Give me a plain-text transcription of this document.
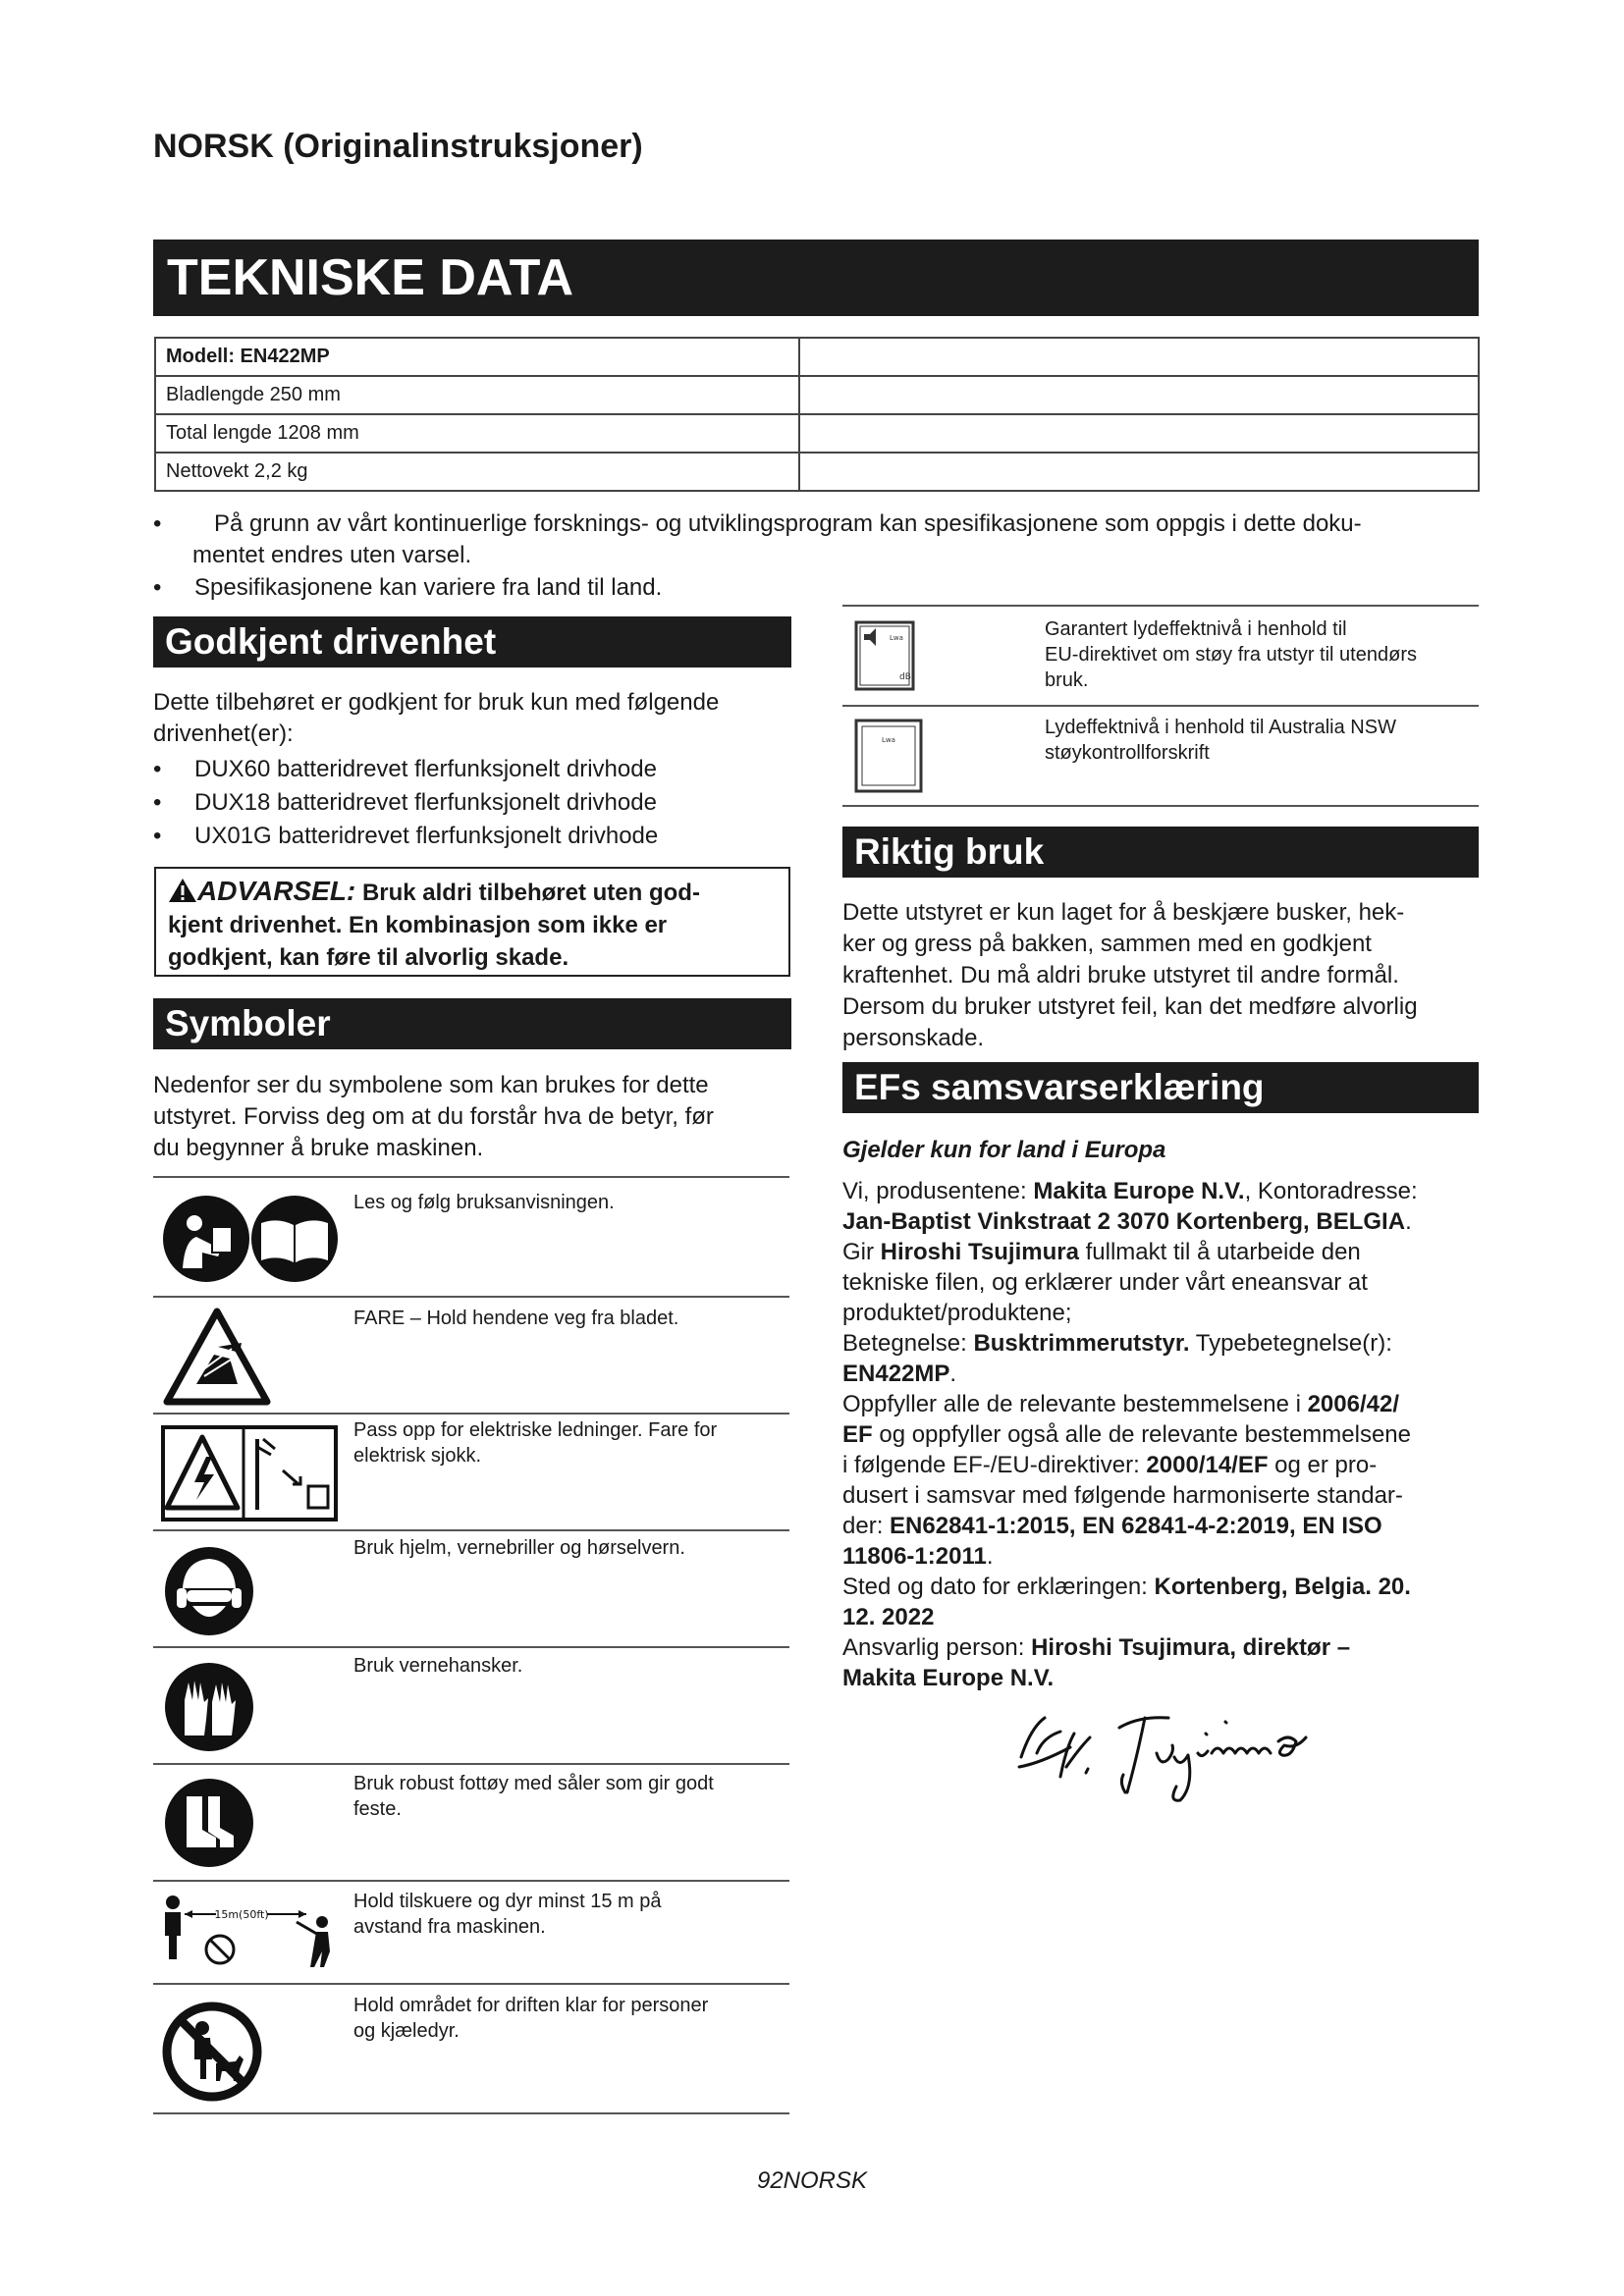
NORSK (Originalinstruksjoner)
TEKNISKE DATA
Modell: EN422MP	
Bladlengde 250 mm	
Total lengde 1208 mm	
Nettovekt 2,2 kg	
•	På grunn av vårt kontinuerlige forsknings- og utviklingsprogram kan spesifikasjonene som oppgis i dette doku-
mentet endres uten varsel.
•	Spesifikasjonene kan variere fra land til land.
Godkjent drivenhet
Dette tilbehøret er godkjent for bruk kun med følgende
drivenhet(er):
• DUX60 batteridrevet flerfunksjonelt drivhode
• DUX18 batteridrevet flerfunksjonelt drivhode
• UX01G batteridrevet flerfunksjonelt drivhode
ADVARSEL: Bruk aldri tilbehøret uten god-
kjent drivenhet. En kombinasjon som ikke er
godkjent, kan føre til alvorlig skade.
Symboler
Nedenfor ser du symbolene som kan brukes for dette
utstyret. Forviss deg om at du forstår hva de betyr, før
du begynner å bruke maskinen.
Les og følg bruksanvisningen.
FARE – Hold hendene veg fra bladet.
Pass opp for elektriske ledninger. Fare for
elektrisk sjokk.
Bruk hjelm, vernebriller og hørselvern.
Bruk vernehansker.
Bruk robust fottøy med såler som gir godt
feste.
15m(50ft)
Hold tilskuere og dyr minst 15 m på
avstand fra maskinen.
Hold området for driften klar for personer
og kjæledyr.
Lwa
dB
Garantert lydeffektnivå i henhold til
EU-direktivet om støy fra utstyr til utendørs
bruk.
Lwa
Lydeffektnivå i henhold til Australia NSW
støykontrollforskrift
Riktig bruk
Dette utstyret er kun laget for å beskjære busker, hek-
ker og gress på bakken, sammen med en godkjent
kraftenhet. Du må aldri bruke utstyret til andre formål.
Dersom du bruker utstyret feil, kan det medføre alvorlig
personskade.
EFs samsvarserklæring
Gjelder kun for land i Europa
Vi, produsentene: Makita Europe N.V., Kontoradresse:
Jan-Baptist Vinkstraat 2 3070 Kortenberg, BELGIA.
Gir Hiroshi Tsujimura fullmakt til å utarbeide den
tekniske filen, og erklærer under vårt eneansvar at
produktet/produktene;
Betegnelse: Busktrimmerutstyr. Typebetegnelse(r):
EN422MP.
Oppfyller alle de relevante bestemmelsene i 2006/42/
EF og oppfyller også alle de relevante bestemmelsene
i følgende EF-/EU-direktiver: 2000/14/EF og er pro-
dusert i samsvar med følgende harmoniserte standar-
der: EN62841-1:2015, EN 62841-4-2:2019, EN ISO
11806-1:2011.
Sted og dato for erklæringen: Kortenberg, Belgia. 20.
12. 2022
Ansvarlig person: Hiroshi Tsujimura, direktør –
Makita Europe N.V.
92NORSK
